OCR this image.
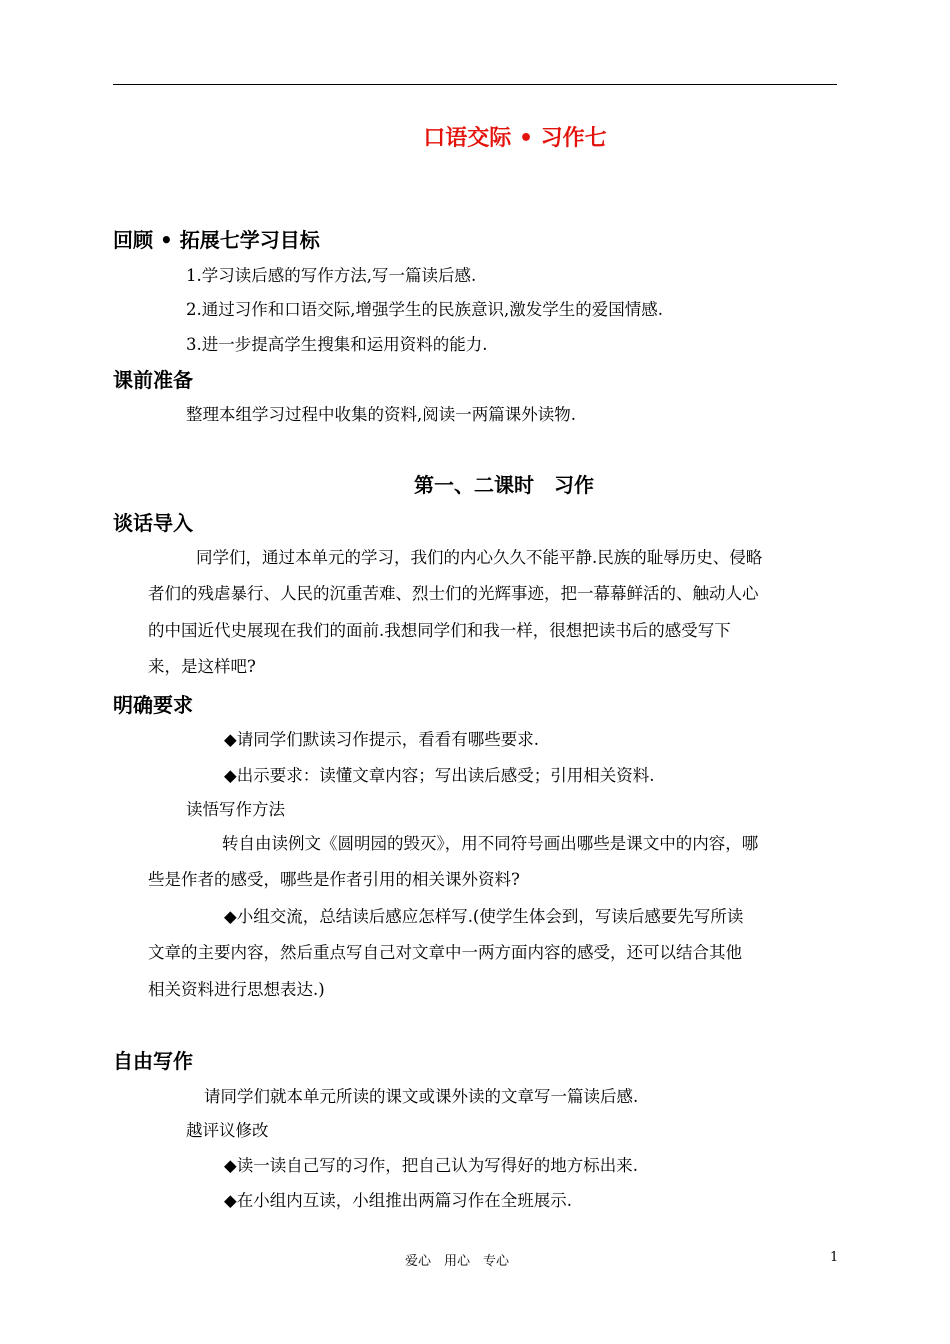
口语交际 • 习作七
回顾 • 拓展七学习目标
1.学习读后感的写作方法,写一篇读后感.
2.通过习作和口语交际,增强学生的民族意识,激发学生的爱国情感.
3.进一步提高学生搜集和运用资料的能力.
课前准备
整理本组学习过程中收集的资料,阅读一两篇课外读物.
第一、二课时　习作
谈话导入
同学们，通过本单元的学习，我们的内心久久不能平静.民族的耻辱历史、侵略
者们的残虐暴行、人民的沉重苦难、烈士们的光辉事迹，把一幕幕鲜活的、触动人心
的中国近代史展现在我们的面前.我想同学们和我一样，很想把读书后的感受写下
来，是这样吧?
明确要求
◆请同学们默读习作提示，看看有哪些要求.
◆出示要求：读懂文章内容；写出读后感受；引用相关资料.
读悟写作方法
转自由读例文《圆明园的毁灭》，用不同符号画出哪些是课文中的内容，哪
些是作者的感受，哪些是作者引用的相关课外资料?
◆小组交流，总结读后感应怎样写.(使学生体会到，写读后感要先写所读
文章的主要内容，然后重点写自己对文章中一两方面内容的感受，还可以结合其他
相关资料进行思想表达.)
自由写作
请同学们就本单元所读的课文或课外读的文章写一篇读后感.
越评议修改
◆读一读自己写的习作，把自己认为写得好的地方标出来.
◆在小组内互读，小组推出两篇习作在全班展示.
爱心　用心　专心	1
